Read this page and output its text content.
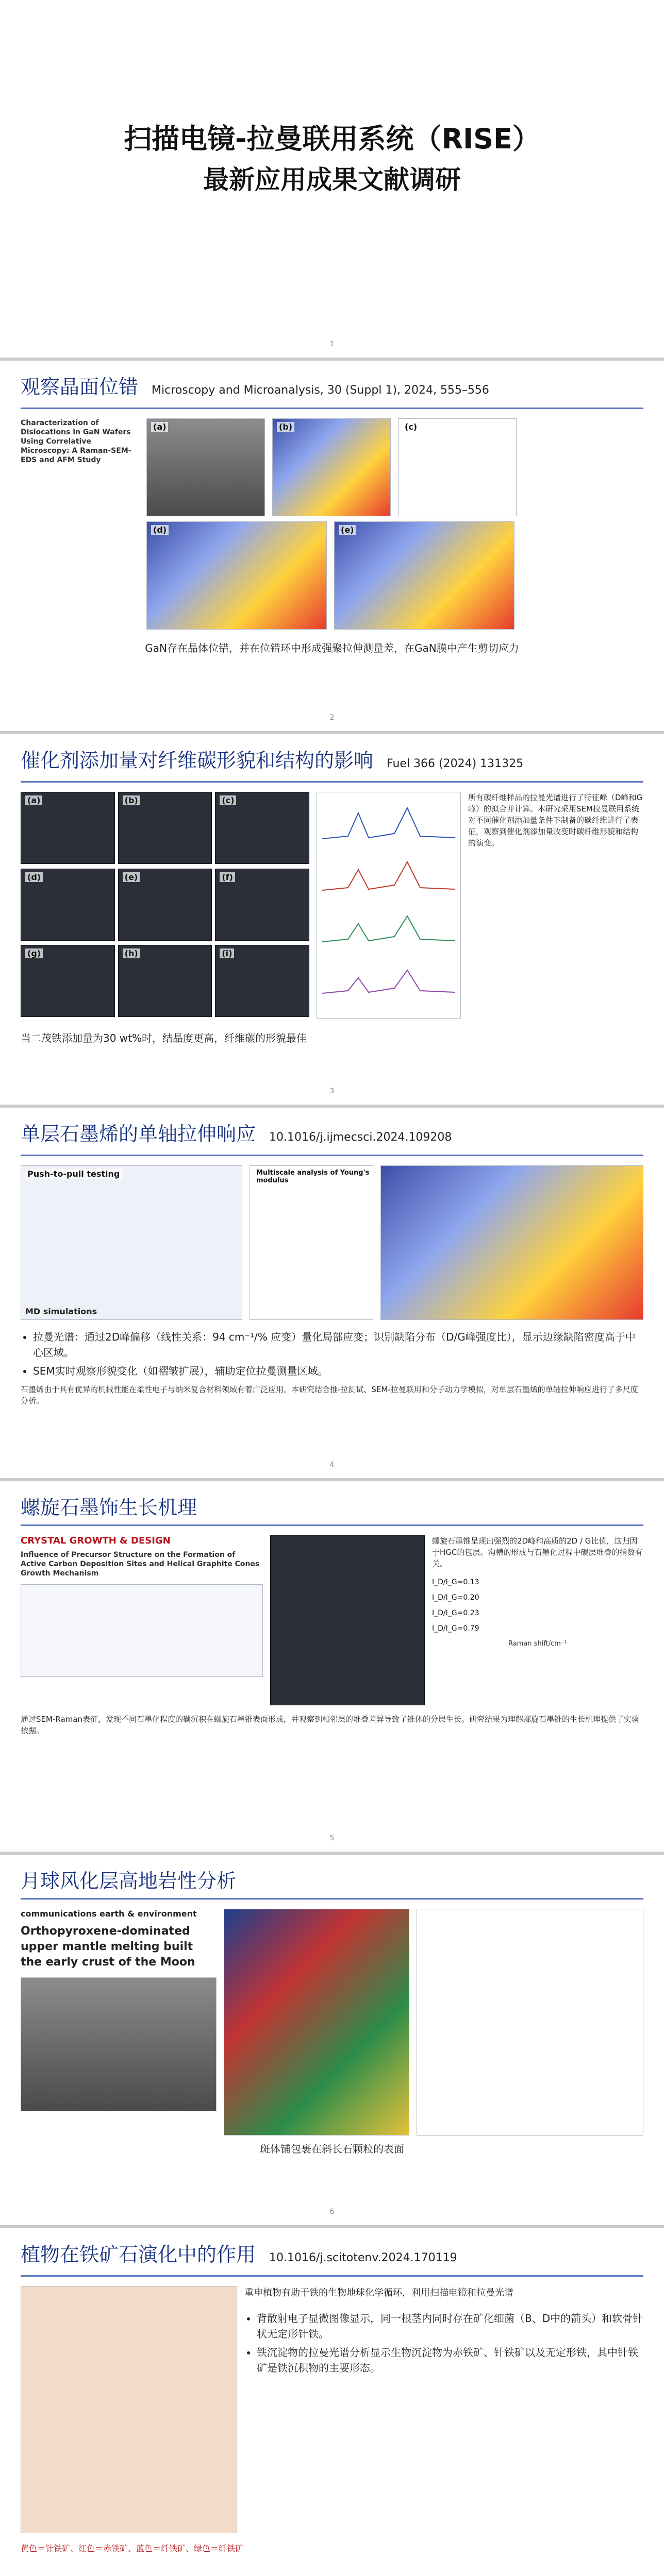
扫描电镜-拉曼联用系统（RISE）
最新应用成果文献调研
1
观察晶面位错 Microscopy and Microanalysis, 30 (Suppl 1), 2024, 555–556
Characterization of Dislocations in GaN Wafers Using Correlative Microscopy: A Raman-SEM-EDS and AFM Study
(a)	(b)	(c)
(d)	(e)
GaN存在晶体位错，并在位错环中形成强聚拉伸测量差，在GaN膜中产生剪切应力
2
催化剂添加量对纤维碳形貌和结构的影响 Fuel 366 (2024) 131325
(a)	(b)	(c)
(d)	(e)	(f)
(g)	(h)	(i)
所有碳纤维样品的拉曼光谱进行了特征峰（D峰和G峰）的拟合并计算。本研究采用SEM拉曼联用系统对不同催化剂添加量条件下制备的碳纤维进行了表征，观察到催化剂添加量改变时碳纤维形貌和结构的演变。
当二茂铁添加量为30 wt%时，结晶度更高，纤维碳的形貌最佳
3
单层石墨烯的单轴拉伸响应 10.1016/j.ijmecsci.2024.109208
Push-to-pull testing
MD simulations
Multiscale analysis of Young's modulus
• 拉曼光谱：通过2D峰偏移（线性关系：94 cm⁻¹/% 应变）量化局部应变；识别缺陷分布（D/G峰强度比），显示边缘缺陷密度高于中心区域。
• SEM实时观察形貌变化（如褶皱扩展），辅助定位拉曼测量区域。
石墨烯由于具有优异的机械性能在柔性电子与纳米复合材料领域有着广泛应用。本研究结合推-拉测试、SEM-拉曼联用和分子动力学模拟，对单层石墨烯的单轴拉伸响应进行了多尺度分析。
4
螺旋石墨饰生长机理
CRYSTAL GROWTH & DESIGN
Influence of Precursor Structure on the Formation of Active Carbon Deposition Sites and Helical Graphite Cones Growth Mechanism
螺旋石墨锥呈现出强烈的2D峰和高质的2D / G比值，这归因于HGC的包层。沟槽的形成与石墨化过程中碳层堆叠的指数有关。
I_D/I_G=0.13
I_D/I_G=0.20
I_D/I_G=0.23
I_D/I_G=0.79
Raman shift/cm⁻¹
通过SEM-Raman表征，发现不同石墨化程度的碳沉积在螺旋石墨锥表面形成，并观察到相邻层的堆叠差异导致了锥体的分层生长。研究结果为理解螺旋石墨锥的生长机理提供了实验依据。
5
月球风化层高地岩性分析
communications earth & environment
Orthopyroxene-dominated upper mantle melting built the early crust of the Moon
斑体铺包裹在斜长石颗粒的表面
6
植物在铁矿石演化中的作用 10.1016/j.scitotenv.2024.170119
重申植物有助于铁的生物地球化学循环，利用扫描电镜和拉曼光谱
• 背散射电子显微图像显示，同一根茎内同时存在矿化细菌（B、D中的箭头）和软骨针状无定形针铁。
• 铁沉淀物的拉曼光谱分析显示生物沉淀物为赤铁矿、针铁矿以及无定形铁，其中针铁矿是铁沉积物的主要形态。
黄色＝针铁矿、红色＝赤铁矿、蓝色＝纤铁矿、绿色＝纤铁矿
